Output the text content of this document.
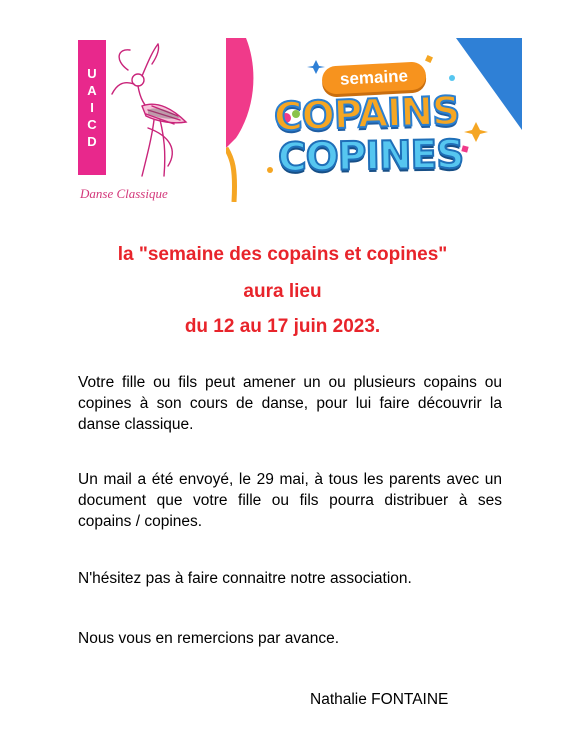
U
A
I
C
D
Danse Classique
semaine
COPAINS
COPINES
la "semaine des copains et copines"
aura lieu
du 12 au 17 juin 2023.
Votre fille ou fils peut amener un ou plusieurs copains ou copines à son cours de danse, pour lui faire découvrir la danse classique.
Un mail a été envoyé, le 29 mai, à tous les parents avec un document que votre fille ou fils pourra distribuer à ses copains / copines.
N'hésitez pas à faire connaitre notre association.
Nous vous en remercions par avance.
Nathalie FONTAINE
